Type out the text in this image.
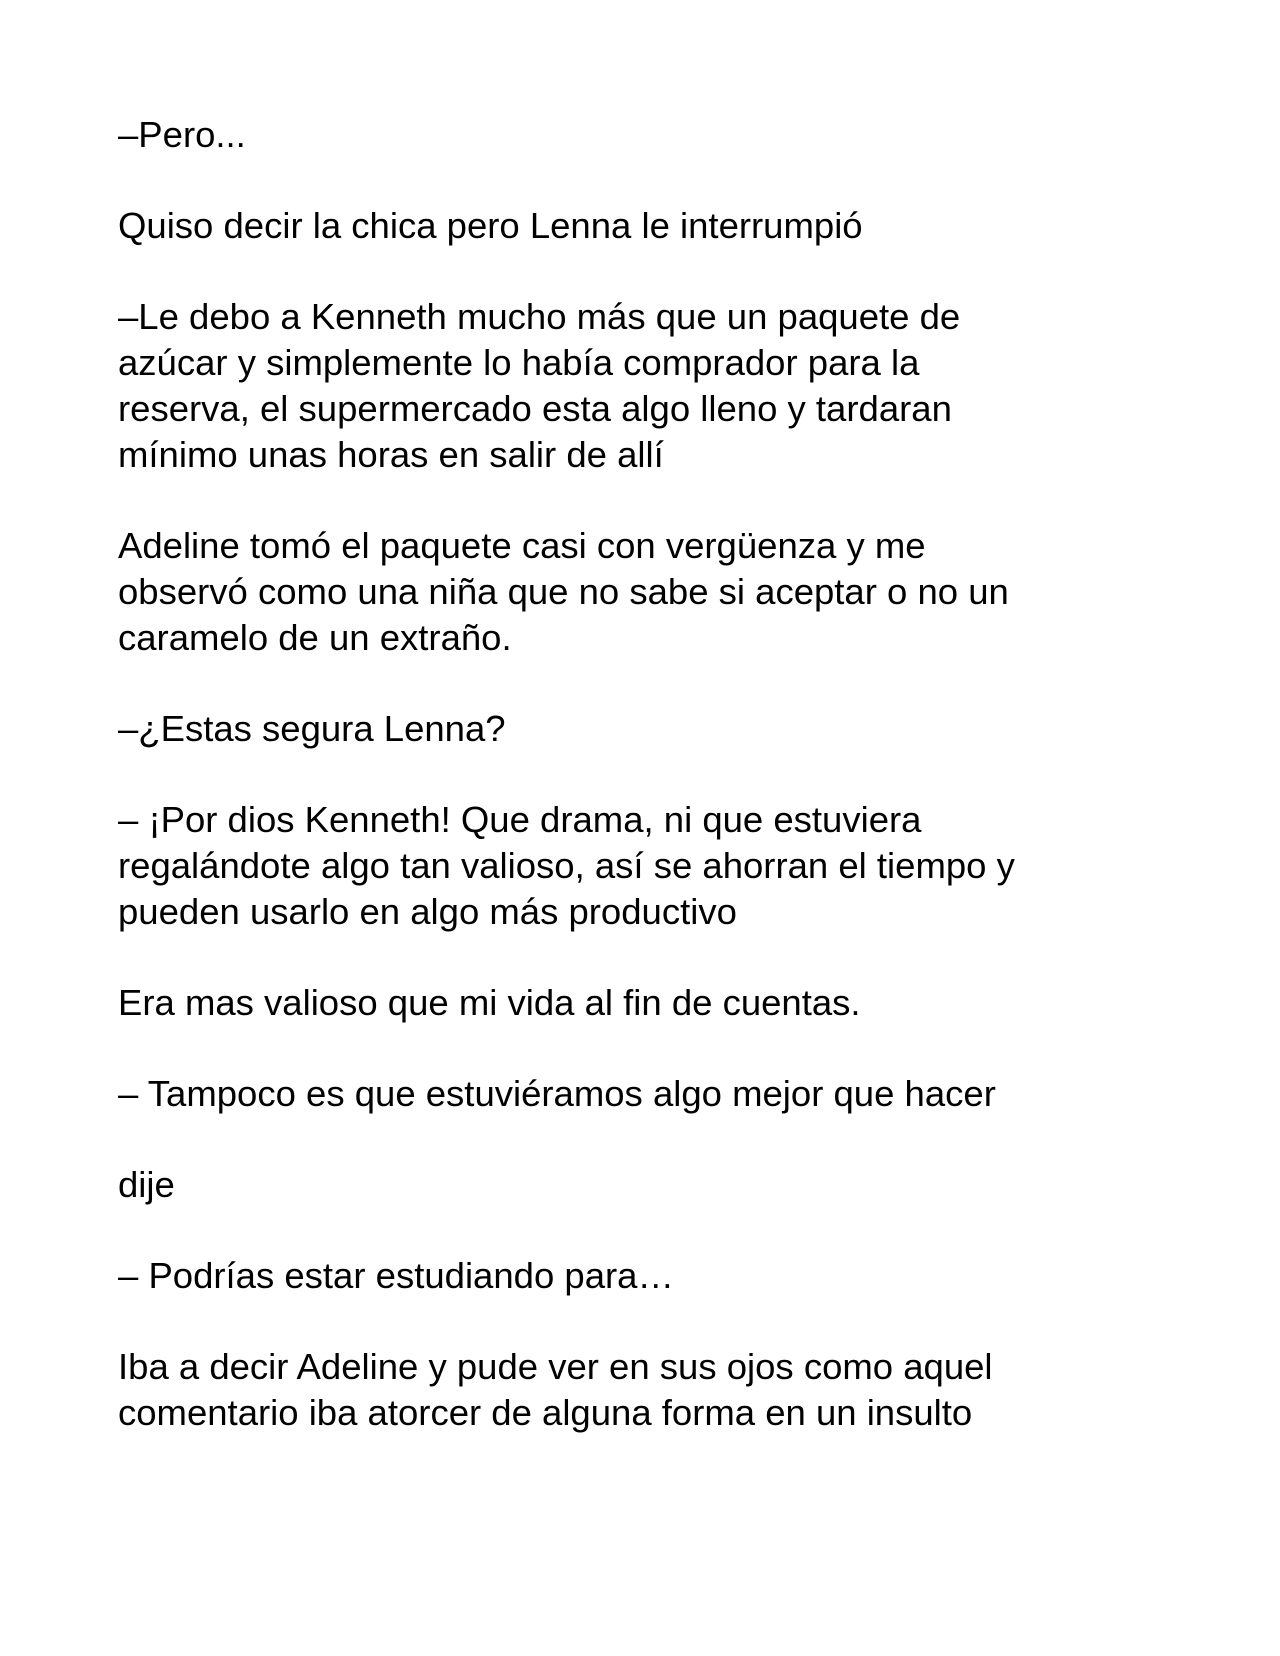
–Pero...

Quiso decir la chica pero Lenna le interrumpió

–Le debo a Kenneth mucho más que un paquete de
azúcar y simplemente lo había comprador para la
reserva, el supermercado esta algo lleno y tardaran
mínimo unas horas en salir de allí

Adeline tomó el paquete casi con vergüenza y me
observó como una niña que no sabe si aceptar o no un
caramelo de un extraño.

–¿Estas segura Lenna?

– ¡Por dios Kenneth! Que drama, ni que estuviera
regalándote algo tan valioso, así se ahorran el tiempo y
pueden usarlo en algo más productivo

Era mas valioso que mi vida al fin de cuentas.

– Tampoco es que estuviéramos algo mejor que hacer

dije

– Podrías estar estudiando para…

Iba a decir Adeline y pude ver en sus ojos como aquel
comentario iba atorcer de alguna forma en un insulto
